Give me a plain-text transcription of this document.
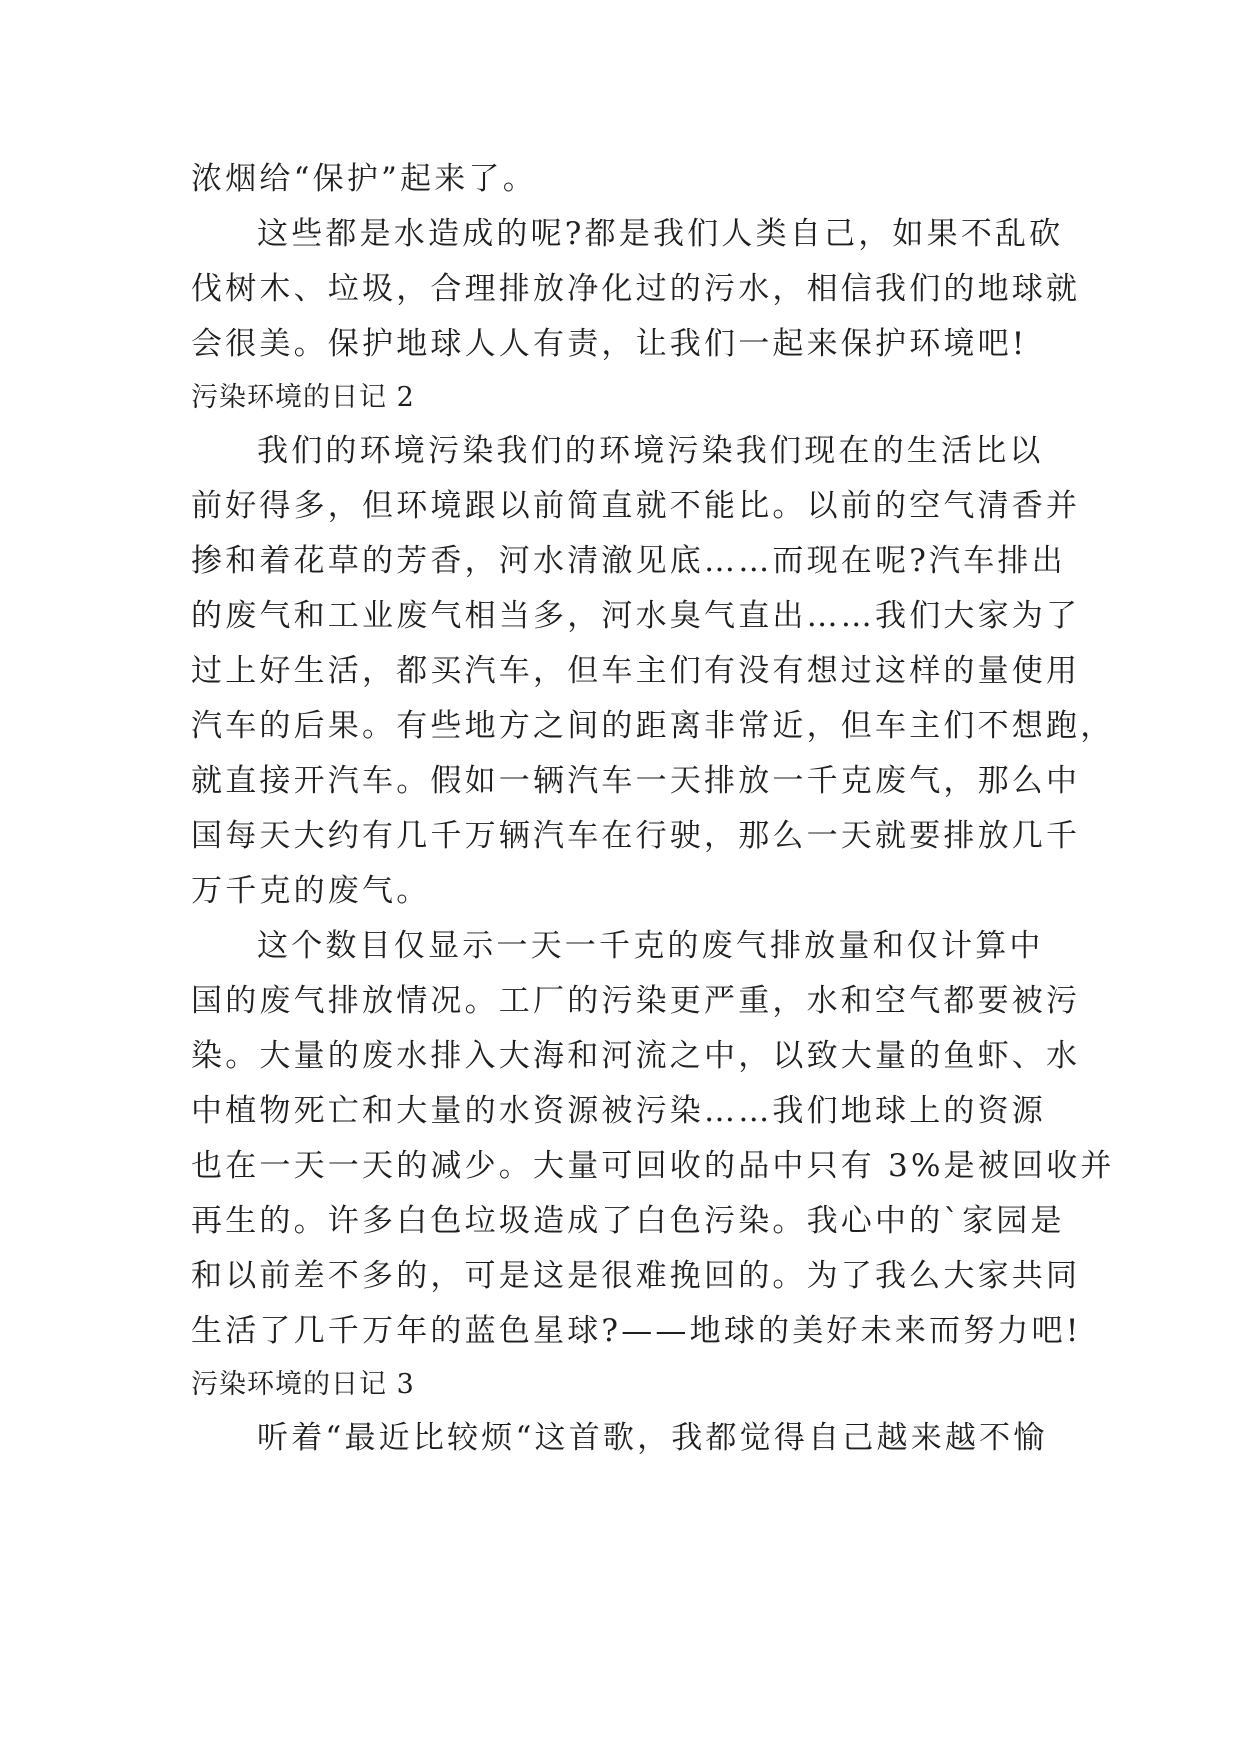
浓烟给“保护”起来了。
这些都是水造成的呢?都是我们人类自己，如果不乱砍
伐树木、垃圾，合理排放净化过的污水，相信我们的地球就
会很美。保护地球人人有责，让我们一起来保护环境吧!
污染环境的日记 2
我们的环境污染我们的环境污染我们现在的生活比以
前好得多，但环境跟以前简直就不能比。以前的空气清香并
掺和着花草的芳香，河水清澈见底……而现在呢?汽车排出
的废气和工业废气相当多，河水臭气直出……我们大家为了
过上好生活，都买汽车，但车主们有没有想过这样的量使用
汽车的后果。有些地方之间的距离非常近，但车主们不想跑，
就直接开汽车。假如一辆汽车一天排放一千克废气，那么中
国每天大约有几千万辆汽车在行驶，那么一天就要排放几千
万千克的废气。
这个数目仅显示一天一千克的废气排放量和仅计算中
国的废气排放情况。工厂的污染更严重，水和空气都要被污
染。大量的废水排入大海和河流之中，以致大量的鱼虾、水
中植物死亡和大量的水资源被污染……我们地球上的资源
也在一天一天的减少。大量可回收的品中只有 3%是被回收并
再生的。许多白色垃圾造成了白色污染。我心中的`家园是
和以前差不多的，可是这是很难挽回的。为了我么大家共同
生活了几千万年的蓝色星球?——地球的美好未来而努力吧!
污染环境的日记 3
听着“最近比较烦“这首歌，我都觉得自己越来越不愉
